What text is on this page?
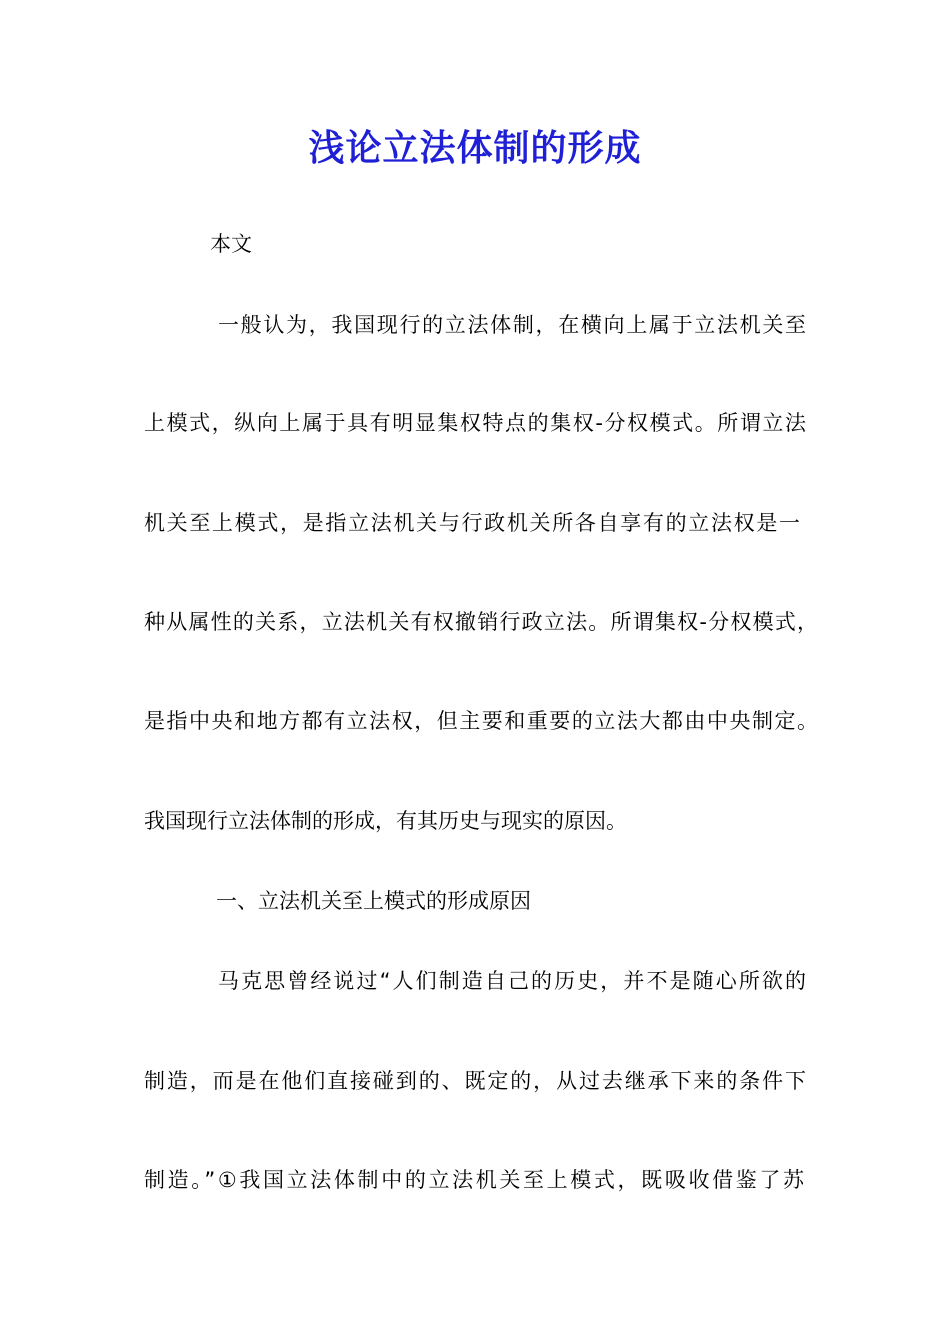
浅论立法体制的形成
本文
一般认为，我国现行的立法体制，在横向上属于立法机关至
上模式，纵向上属于具有明显集权特点的集权-分权模式。所谓立法
机关至上模式，是指立法机关与行政机关所各自享有的立法权是一
种从属性的关系，立法机关有权撤销行政立法。所谓集权-分权模式，
是指中央和地方都有立法权，但主要和重要的立法大都由中央制定。
我国现行立法体制的形成，有其历史与现实的原因。
一、立法机关至上模式的形成原因
马克思曾经说过“人们制造自己的历史，并不是随心所欲的
制造，而是在他们直接碰到的、既定的，从过去继承下来的条件下
制造。”①我国立法体制中的立法机关至上模式，既吸收借鉴了苏
